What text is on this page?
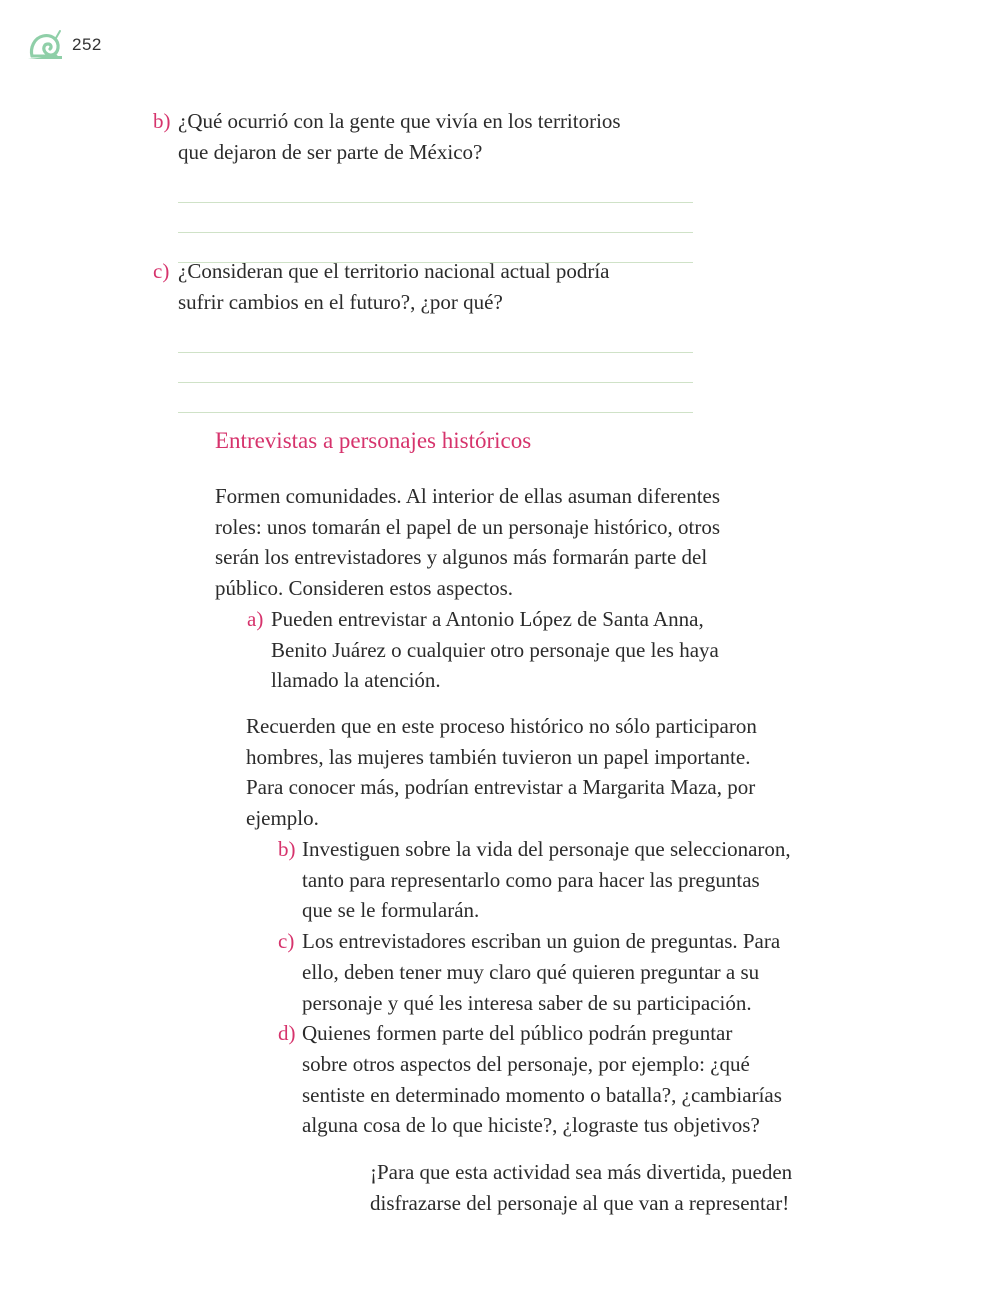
252
b) ¿Qué ocurrió con la gente que vivía en los territorios
que dejaron de ser parte de México?
c) ¿Consideran que el territorio nacional actual podría
sufrir cambios en el futuro?, ¿por qué?
Entrevistas a personajes históricos
Formen comunidades. Al interior de ellas asuman diferentes
roles: unos tomarán el papel de un personaje histórico, otros
serán los entrevistadores y algunos más formarán parte del
público. Consideren estos aspectos.
a) Pueden entrevistar a Antonio López de Santa Anna,
Benito Juárez o cualquier otro personaje que les haya
llamado la atención.
Recuerden que en este proceso histórico no sólo participaron
hombres, las mujeres también tuvieron un papel importante.
Para conocer más, podrían entrevistar a Margarita Maza, por
ejemplo.
b) Investiguen sobre la vida del personaje que seleccionaron,
tanto para representarlo como para hacer las preguntas
que se le formularán.
c) Los entrevistadores escriban un guion de preguntas. Para
ello, deben tener muy claro qué quieren preguntar a su
personaje y qué les interesa saber de su participación.
d) Quienes formen parte del público podrán preguntar
sobre otros aspectos del personaje, por ejemplo: ¿qué
sentiste en determinado momento o batalla?, ¿cambiarías
alguna cosa de lo que hiciste?, ¿lograste tus objetivos?
¡Para que esta actividad sea más divertida, pueden
disfrazarse del personaje al que van a representar!
